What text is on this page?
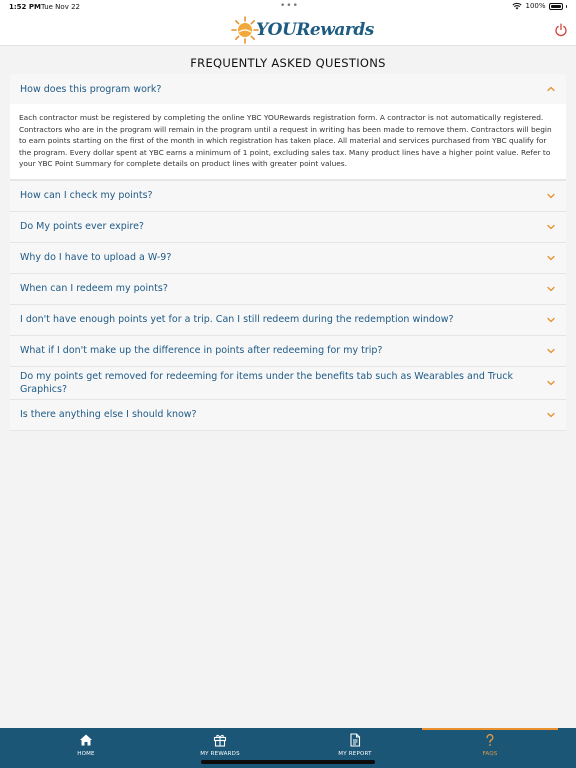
1:52 PM Tue Nov 22	•••	100%
YOURewards
FREQUENTLY ASKED QUESTIONS
How does this program work?
Each contractor must be registered by completing the online YBC YOURewards registration form. A contractor is not automatically registered. Contractors who are in the program will remain in the program until a request in writing has been made to remove them. Contractors will begin to earn points starting on the first of the month in which registration has taken place. All material and services purchased from YBC qualify for the program. Every dollar spent at YBC earns a minimum of 1 point, excluding sales tax. Many product lines have a higher point value. Refer to your YBC Point Summary for complete details on product lines with greater point values.
How can I check my points?
Do My points ever expire?
Why do I have to upload a W-9?
When can I redeem my points?
I don't have enough points yet for a trip. Can I still redeem during the redemption window?
What if I don't make up the difference in points after redeeming for my trip?
Do my points get removed for redeeming for items under the benefits tab such as Wearables and Truck Graphics?
Is there anything else I should know?
HOME	MY REWARDS	MY REPORT	FAQS
